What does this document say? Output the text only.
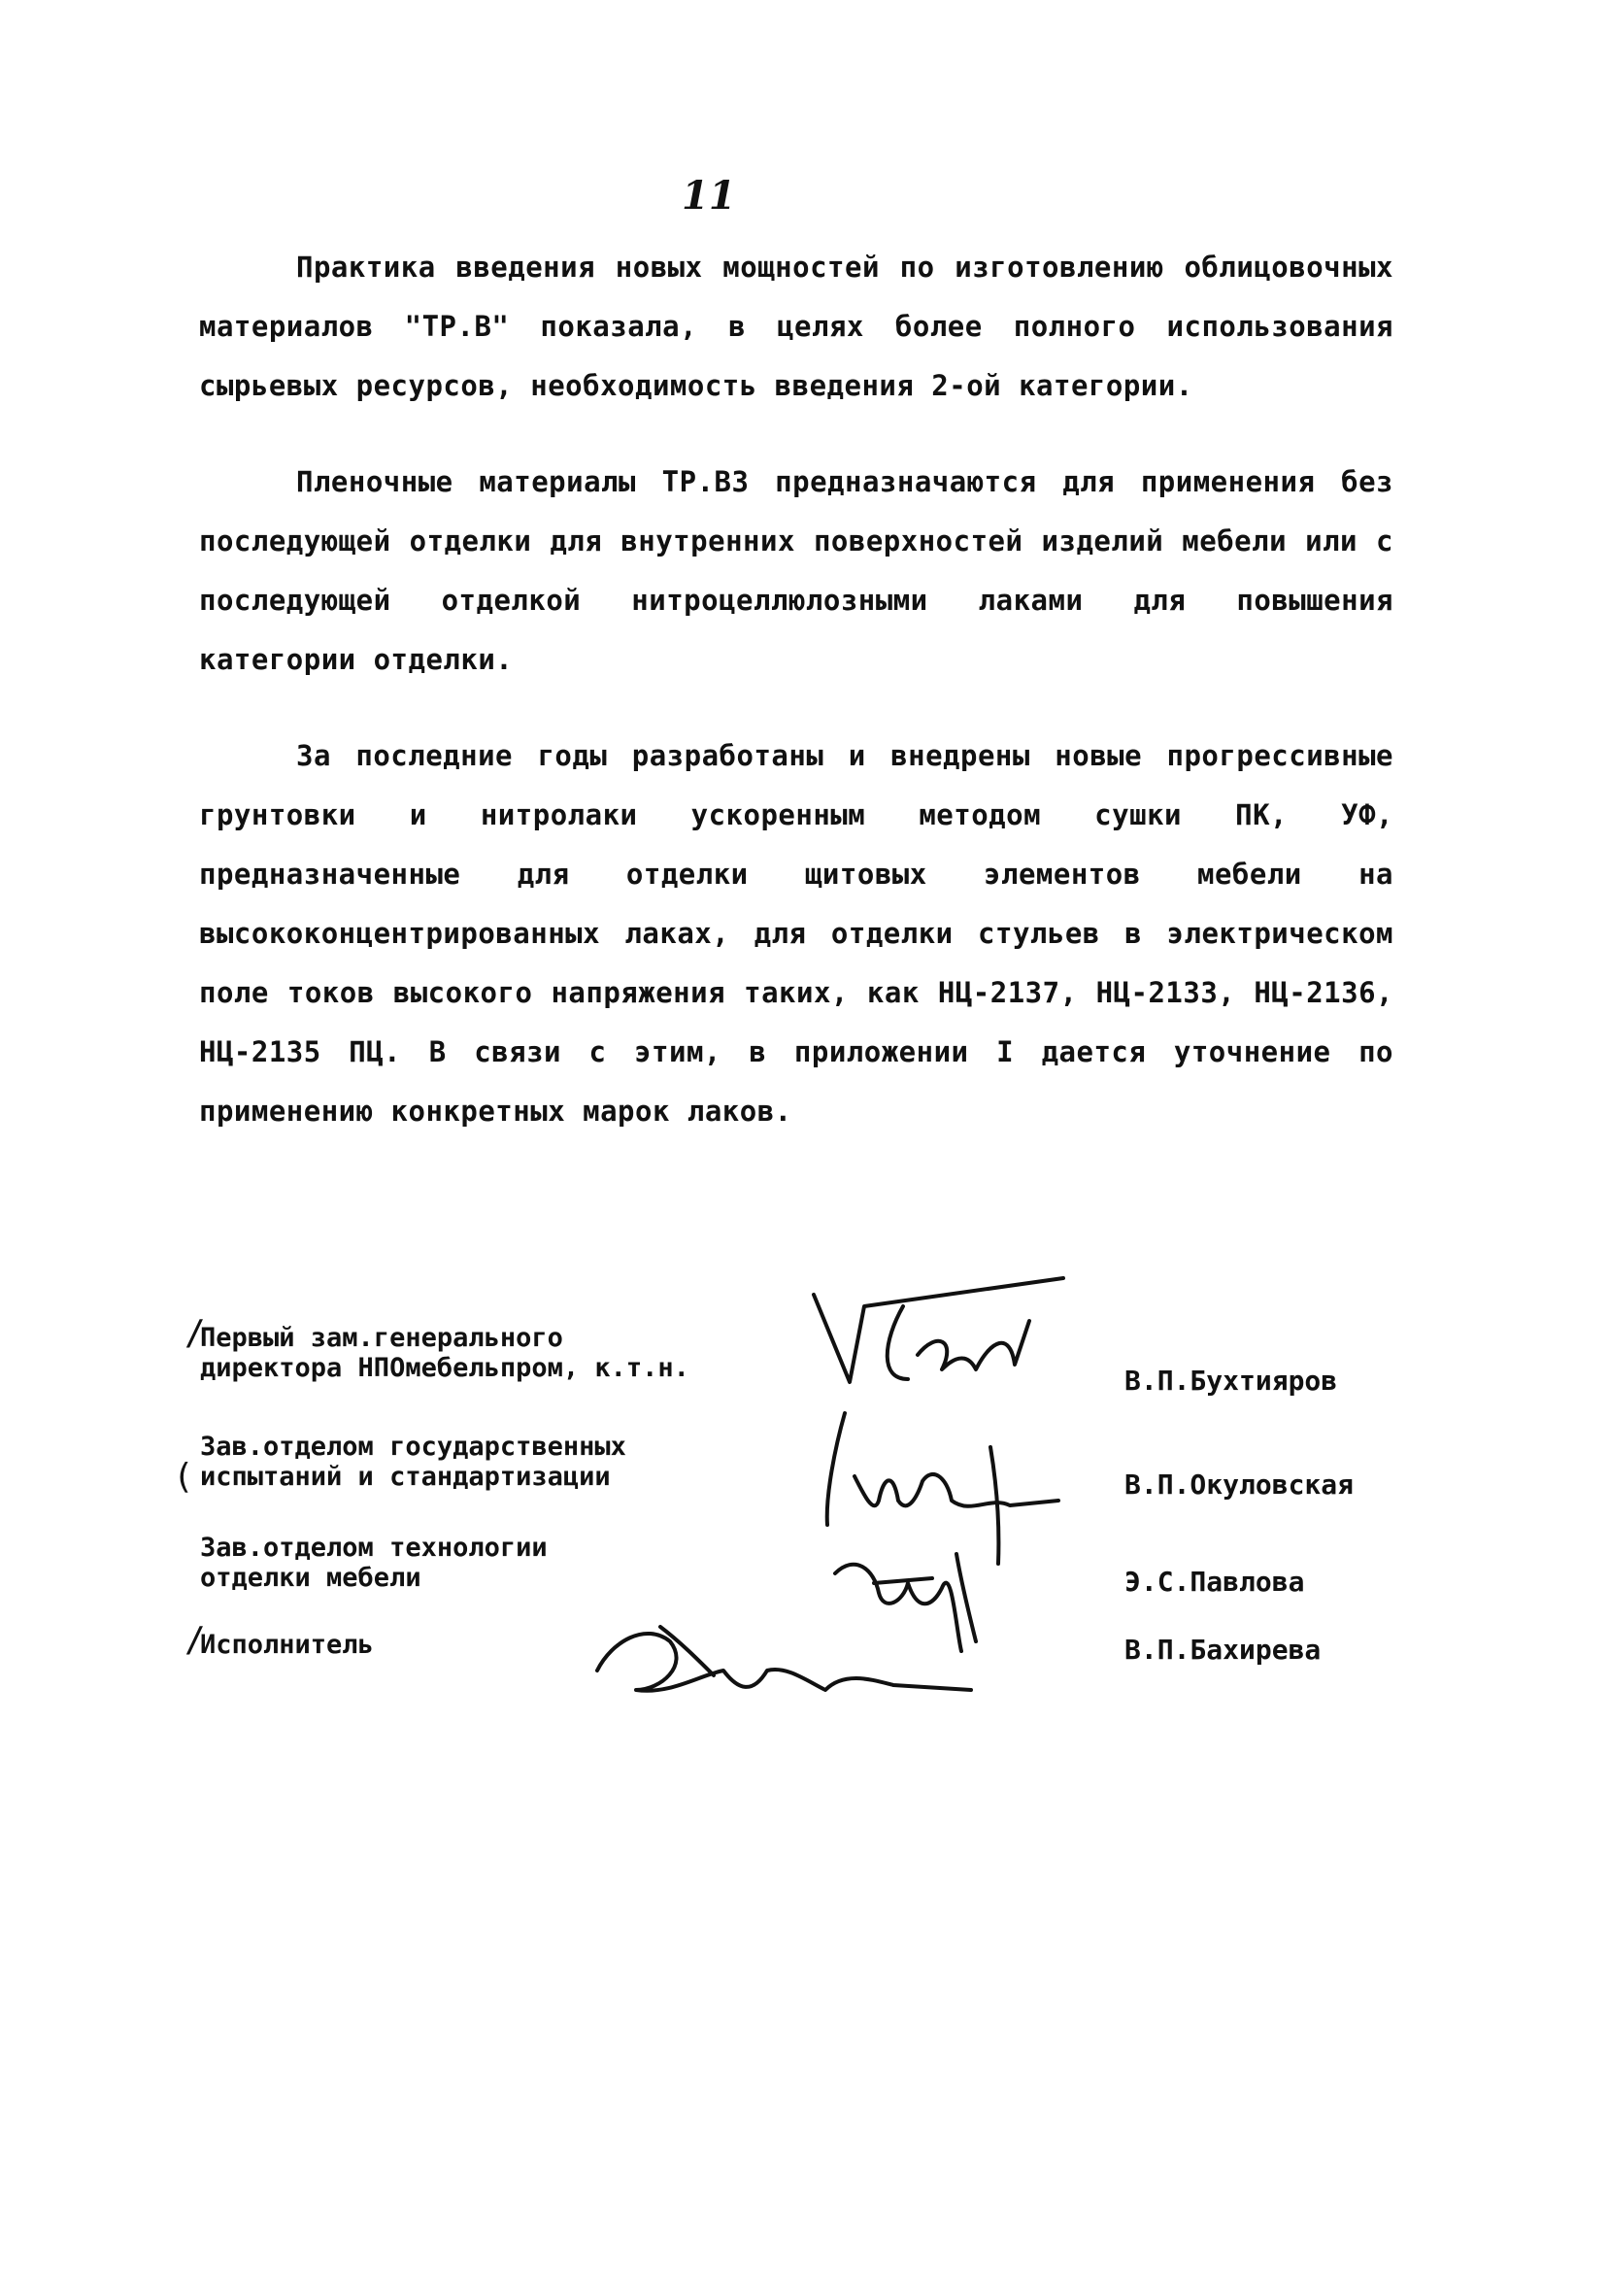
11

Практика введения новых мощностей по изготовлению облицовочных материалов "ТР.В" показала, в целях более полного использования сырьевых ресурсов, необходимость введения 2-ой категории.

Пленочные материалы ТР.ВЗ предназначаются для применения без последующей отделки для внутренних поверхностей изделий мебели или с последующей отделкой нитроцеллюлозными лаками для повышения категории отделки.

За последние годы разработаны и внедрены новые прогрессивные грунтовки и нитролаки ускоренным методом сушки ПК, УФ, предназначенные для отделки щитовых элементов мебели на высококонцентрированных лаках, для отделки стульев в электрическом поле токов высокого напряжения таких, как НЦ-2137, НЦ-2133, НЦ-2136, НЦ-2135 ПЦ. В связи с этим, в приложении I дается уточнение по применению конкретных марок лаков.

/
(
/
Первый зам.генерального
директора НПОмебельпром, к.т.н.	В.П.Бухтияров
Зав.отделом государственных
испытаний и стандартизации	В.П.Окуловская
Зав.отделом технологии
отделки мебели	Э.С.Павлова
Исполнитель	В.П.Бахирева
